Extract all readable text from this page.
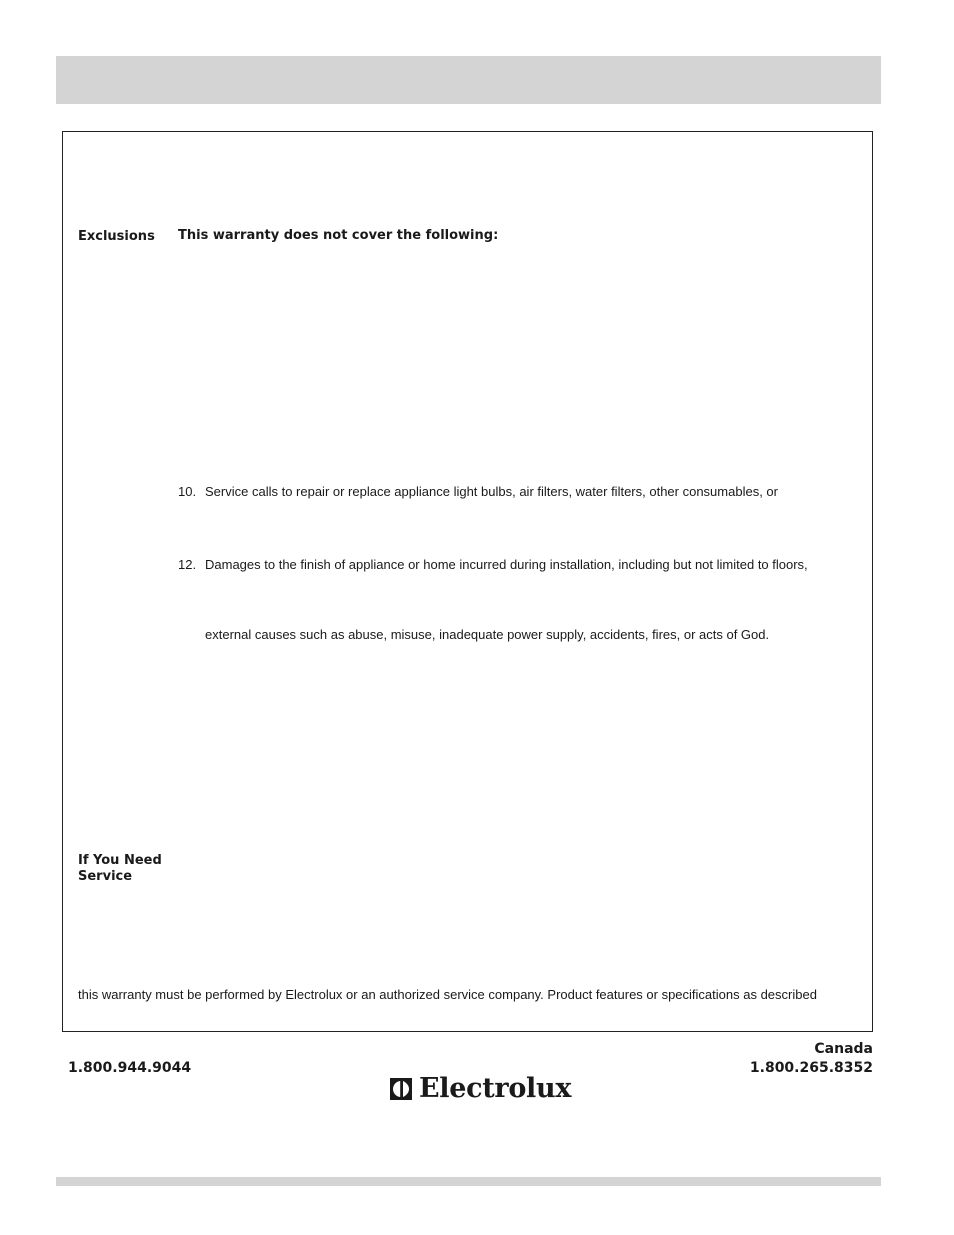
Exclusions This warranty does not cover the following:
10. Service calls to repair or replace appliance light bulbs, air filters, water filters, other consumables, or
12. Damages to the finish of appliance or home incurred during installation, including but not limited to floors,
external causes such as abuse, misuse, inadequate power supply, accidents, fires, or acts of God.
If You Need
Service
this warranty must be performed by Electrolux or an authorized service company. Product features or specifications as described
1.800.944.9044
Canada
1.800.265.8352
Electrolux
